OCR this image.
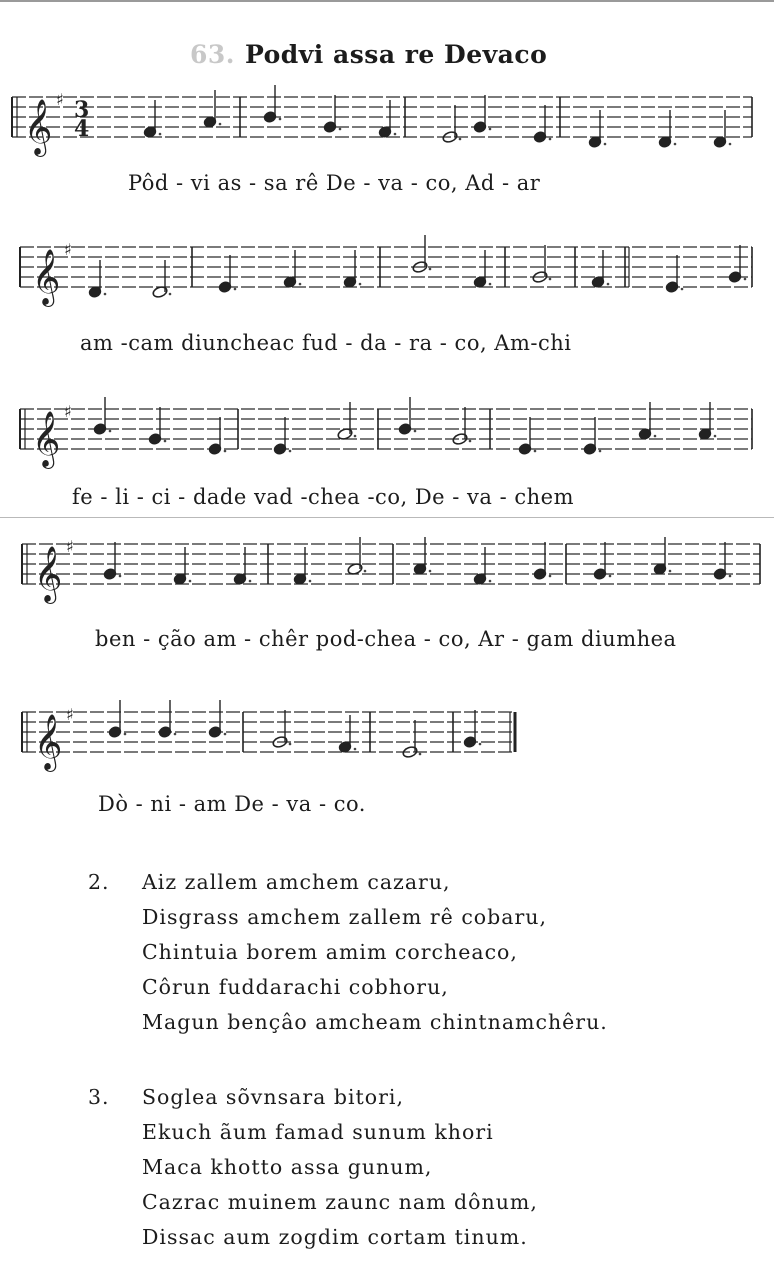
63. Podvi assa re Devaco
𝄞 ♯ 3
4
Pôd - vi as - sa rê De - va - co, Ad - ar
𝄞 ♯
am -cam diuncheac fud - da - ra - co, Am-chi
𝄞 ♯
fe - li - ci - dade vad -chea -co, De - va - chem
𝄞 ♯
ben - ção am - chêr pod-chea - co, Ar - gam diumhea
𝄞 ♯
Dò - ni - am De - va - co.
2.	Aiz zallem amchem cazaru,
Disgrass amchem zallem rê cobaru,
Chintuia borem amim corcheaco,
Côrun fuddarachi cobhoru,
Magun bençâo amcheam chintnamchêru.
3.	Soglea sõvnsara bitori,
Ekuch ãum famad sunum khori
Maca khotto assa gunum,
Cazrac muinem zaunc nam dônum,
Dissac aum zogdim cortam tinum.
